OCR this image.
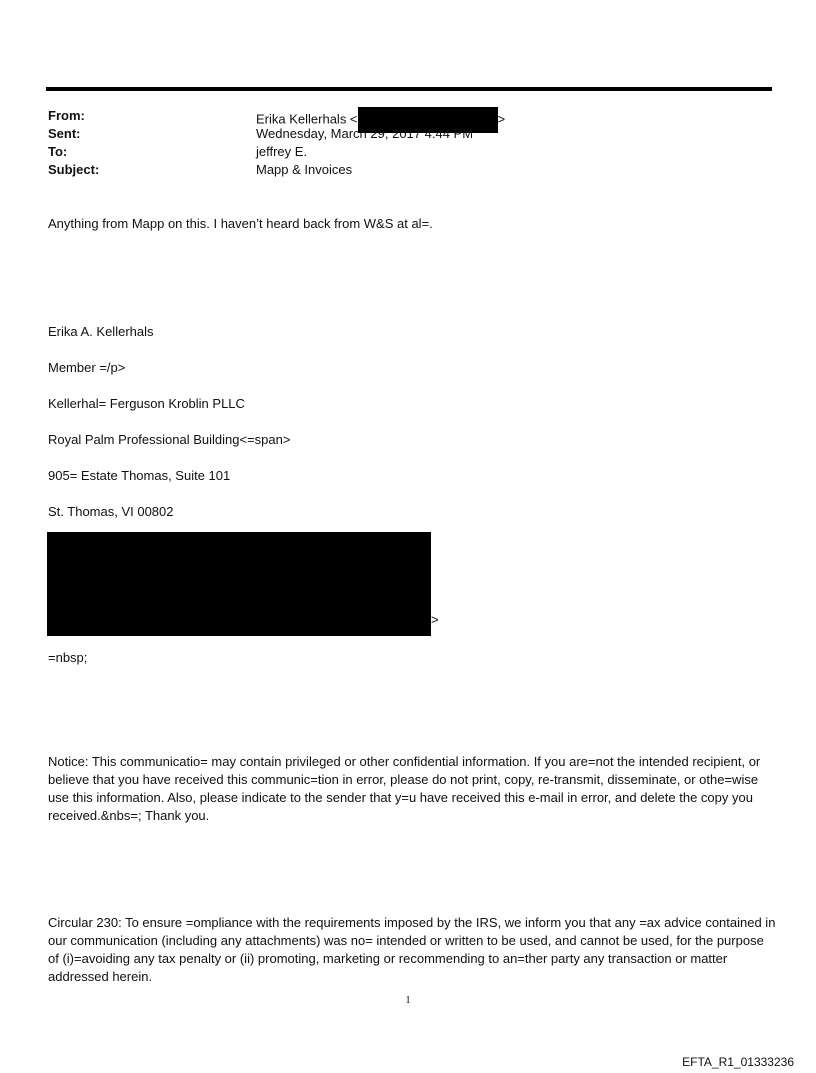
From:	Erika Kellerhals <	>
Sent:	Wednesday, March 29, 2017 4:44 PM
To:	jeffrey E.
Subject:	Mapp & Invoices
Anything from Mapp on this. I haven’t heard back from W&S at al=.
Erika A. Kellerhals
Member =/p>
Kellerhal= Ferguson Kroblin PLLC
Royal Palm Professional Building<=span>
905= Estate Thomas, Suite 101
St. Thomas, VI 00802
>
=nbsp;
Notice: This communicatio= may contain privileged or other confidential information. If you are=not the intended recipient, or believe that you have received this communic=tion in error, please do not print, copy, re-transmit, disseminate, or othe=wise use this information. Also, please indicate to the sender that y=u have received this e-mail in error, and delete the copy you received.&nbs=; Thank you.
Circular 230: To ensure =ompliance with the requirements imposed by the IRS, we inform you that any =ax advice contained in our communication (including any attachments) was no= intended or written to be used, and cannot be used, for the purpose of (i)=avoiding any tax penalty or (ii) promoting, marketing or recommending to an=ther party any transaction or matter addressed herein.
1
EFTA_R1_01333236
